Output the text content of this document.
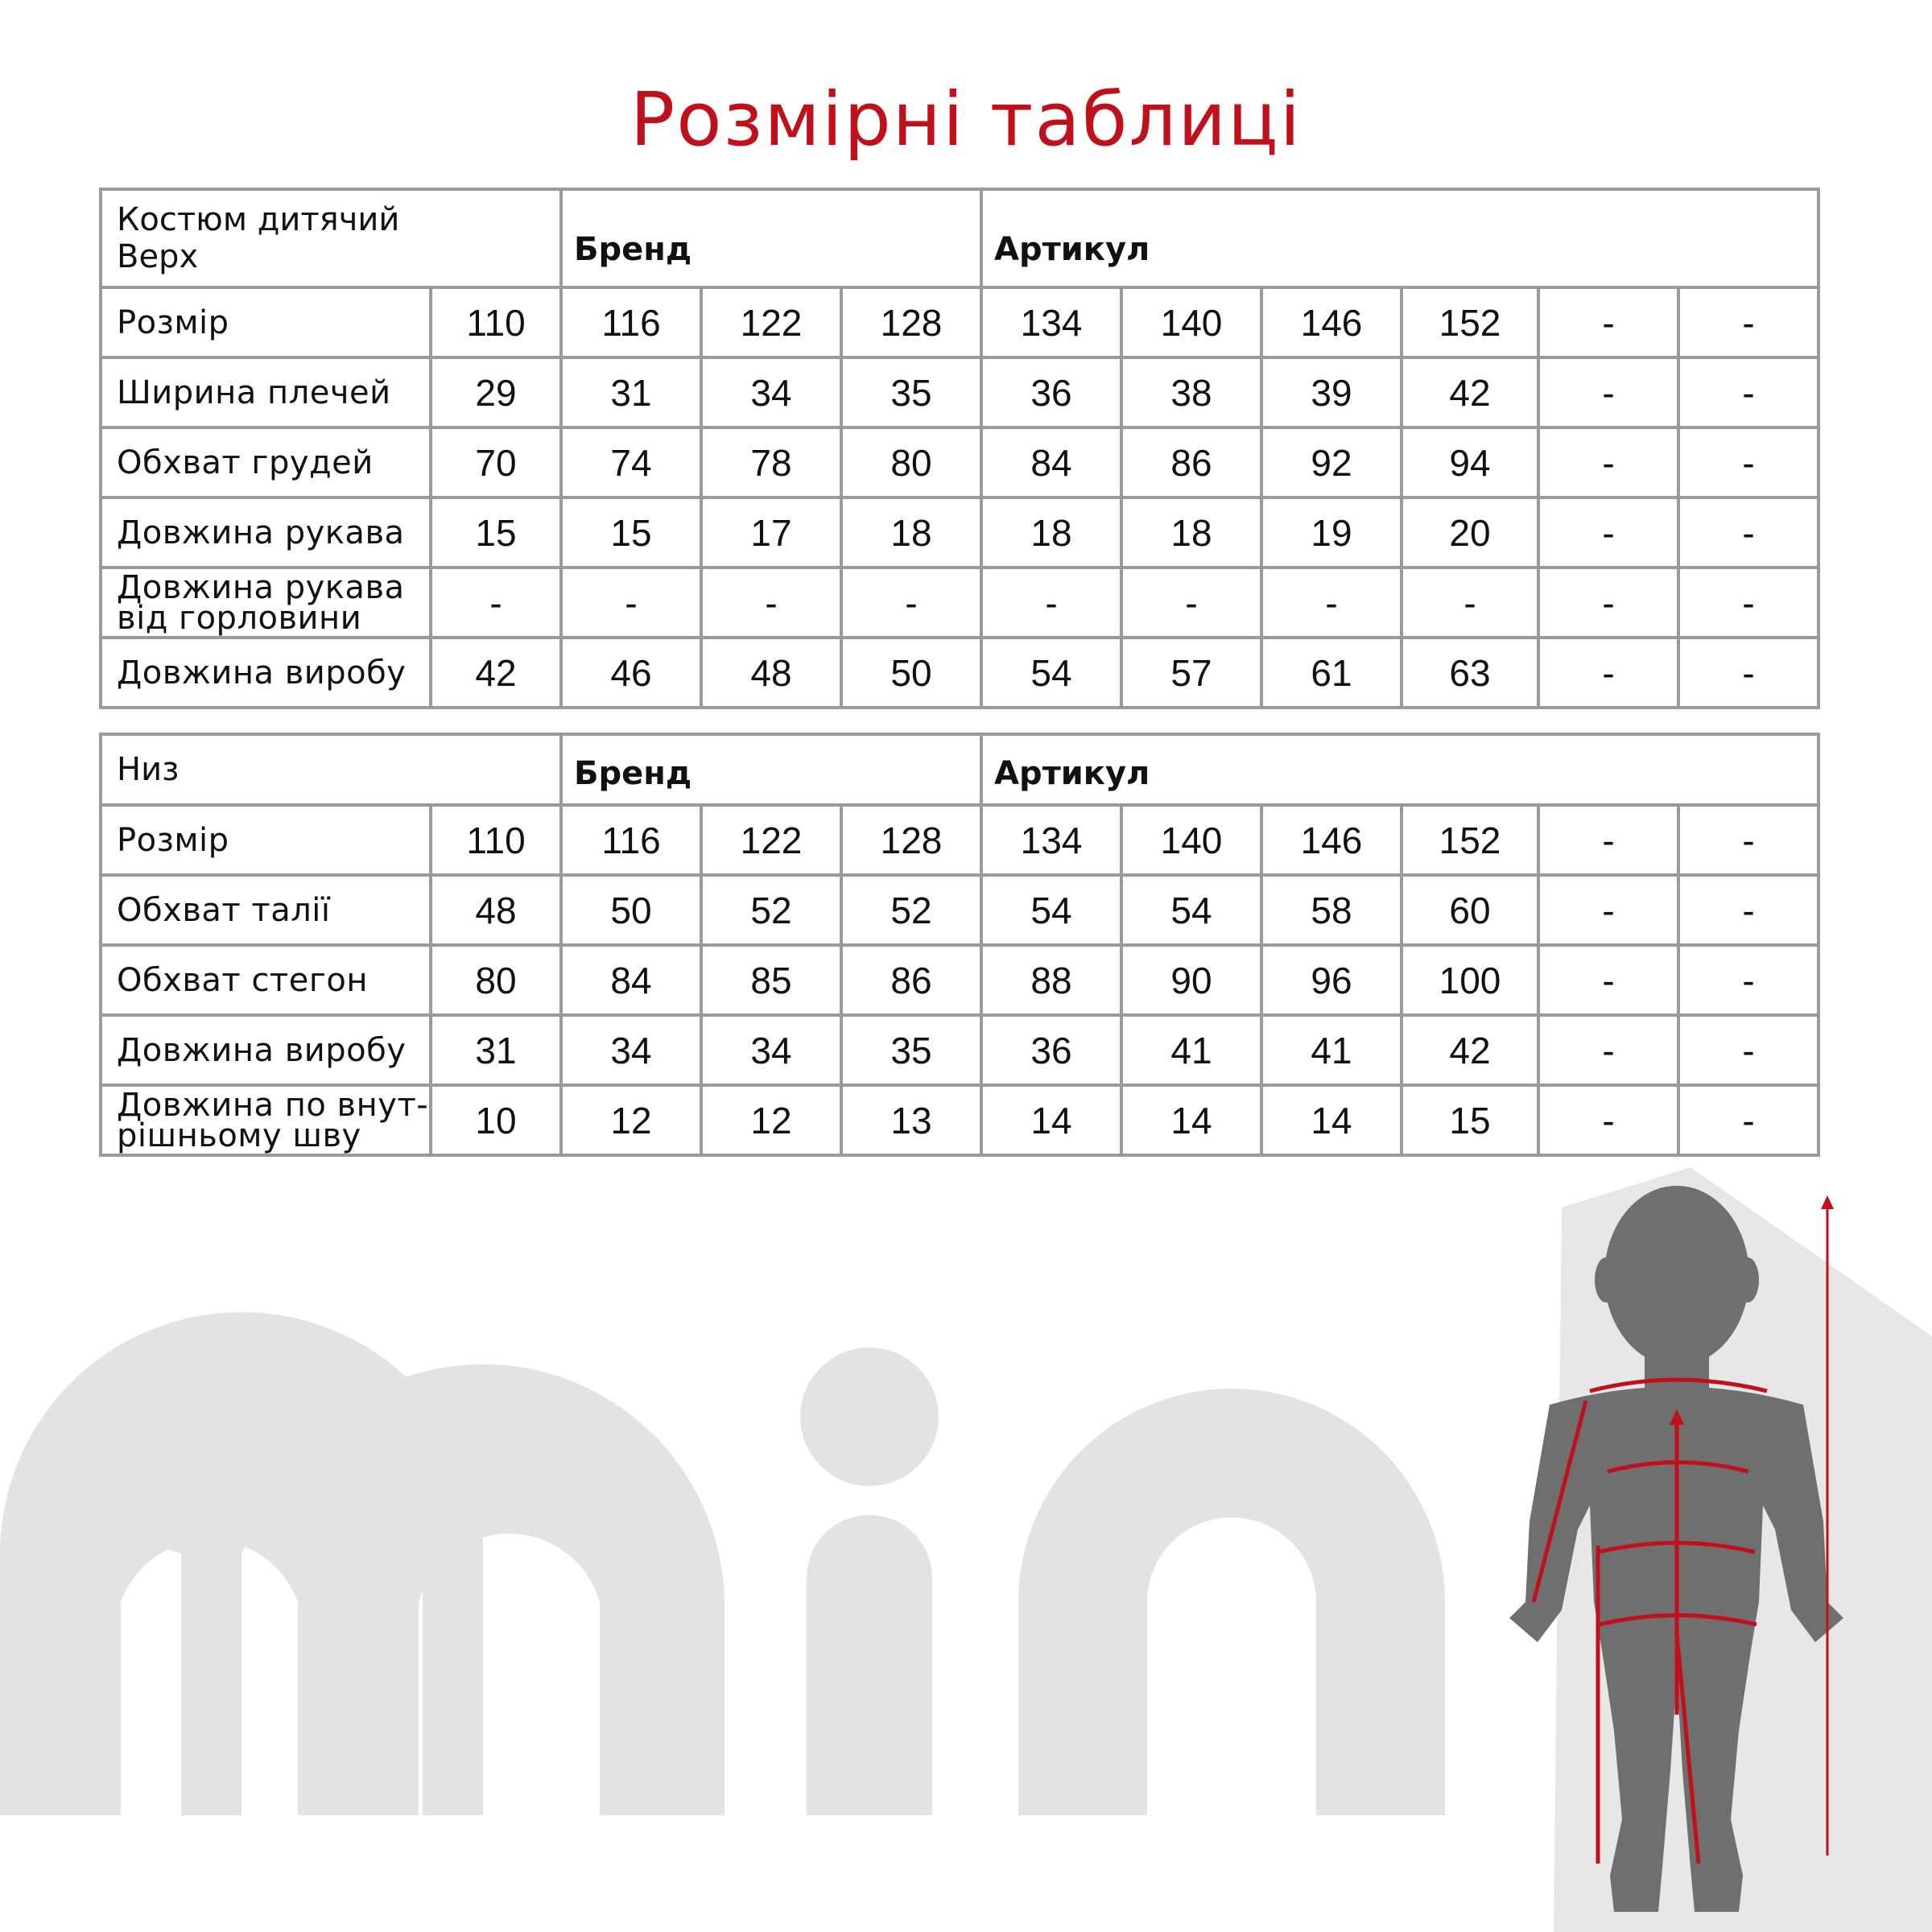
Розмірні таблиці
Костюм дитячий
Верх		Бренд			Артикул					
Розмір	110	116	122	128	134	140	146	152	-	-
Ширина плечей	29	31	34	35	36	38	39	42	-	-
Обхват грудей	70	74	78	80	84	86	92	94	-	-
Довжина рукава	15	15	17	18	18	18	19	20	-	-
Довжина рукава
від горловини	-	-	-	-	-	-	-	-	-	-
Довжина виробу	42	46	48	50	54	57	61	63	-	-
Низ		Бренд			Артикул					
Розмір	110	116	122	128	134	140	146	152	-	-
Обхват талії	48	50	52	52	54	54	58	60	-	-
Обхват стегон	80	84	85	86	88	90	96	100	-	-
Довжина виробу	31	34	34	35	36	41	41	42	-	-
Довжина по внут-
рішньому шву	10	12	12	13	14	14	14	15	-	-
